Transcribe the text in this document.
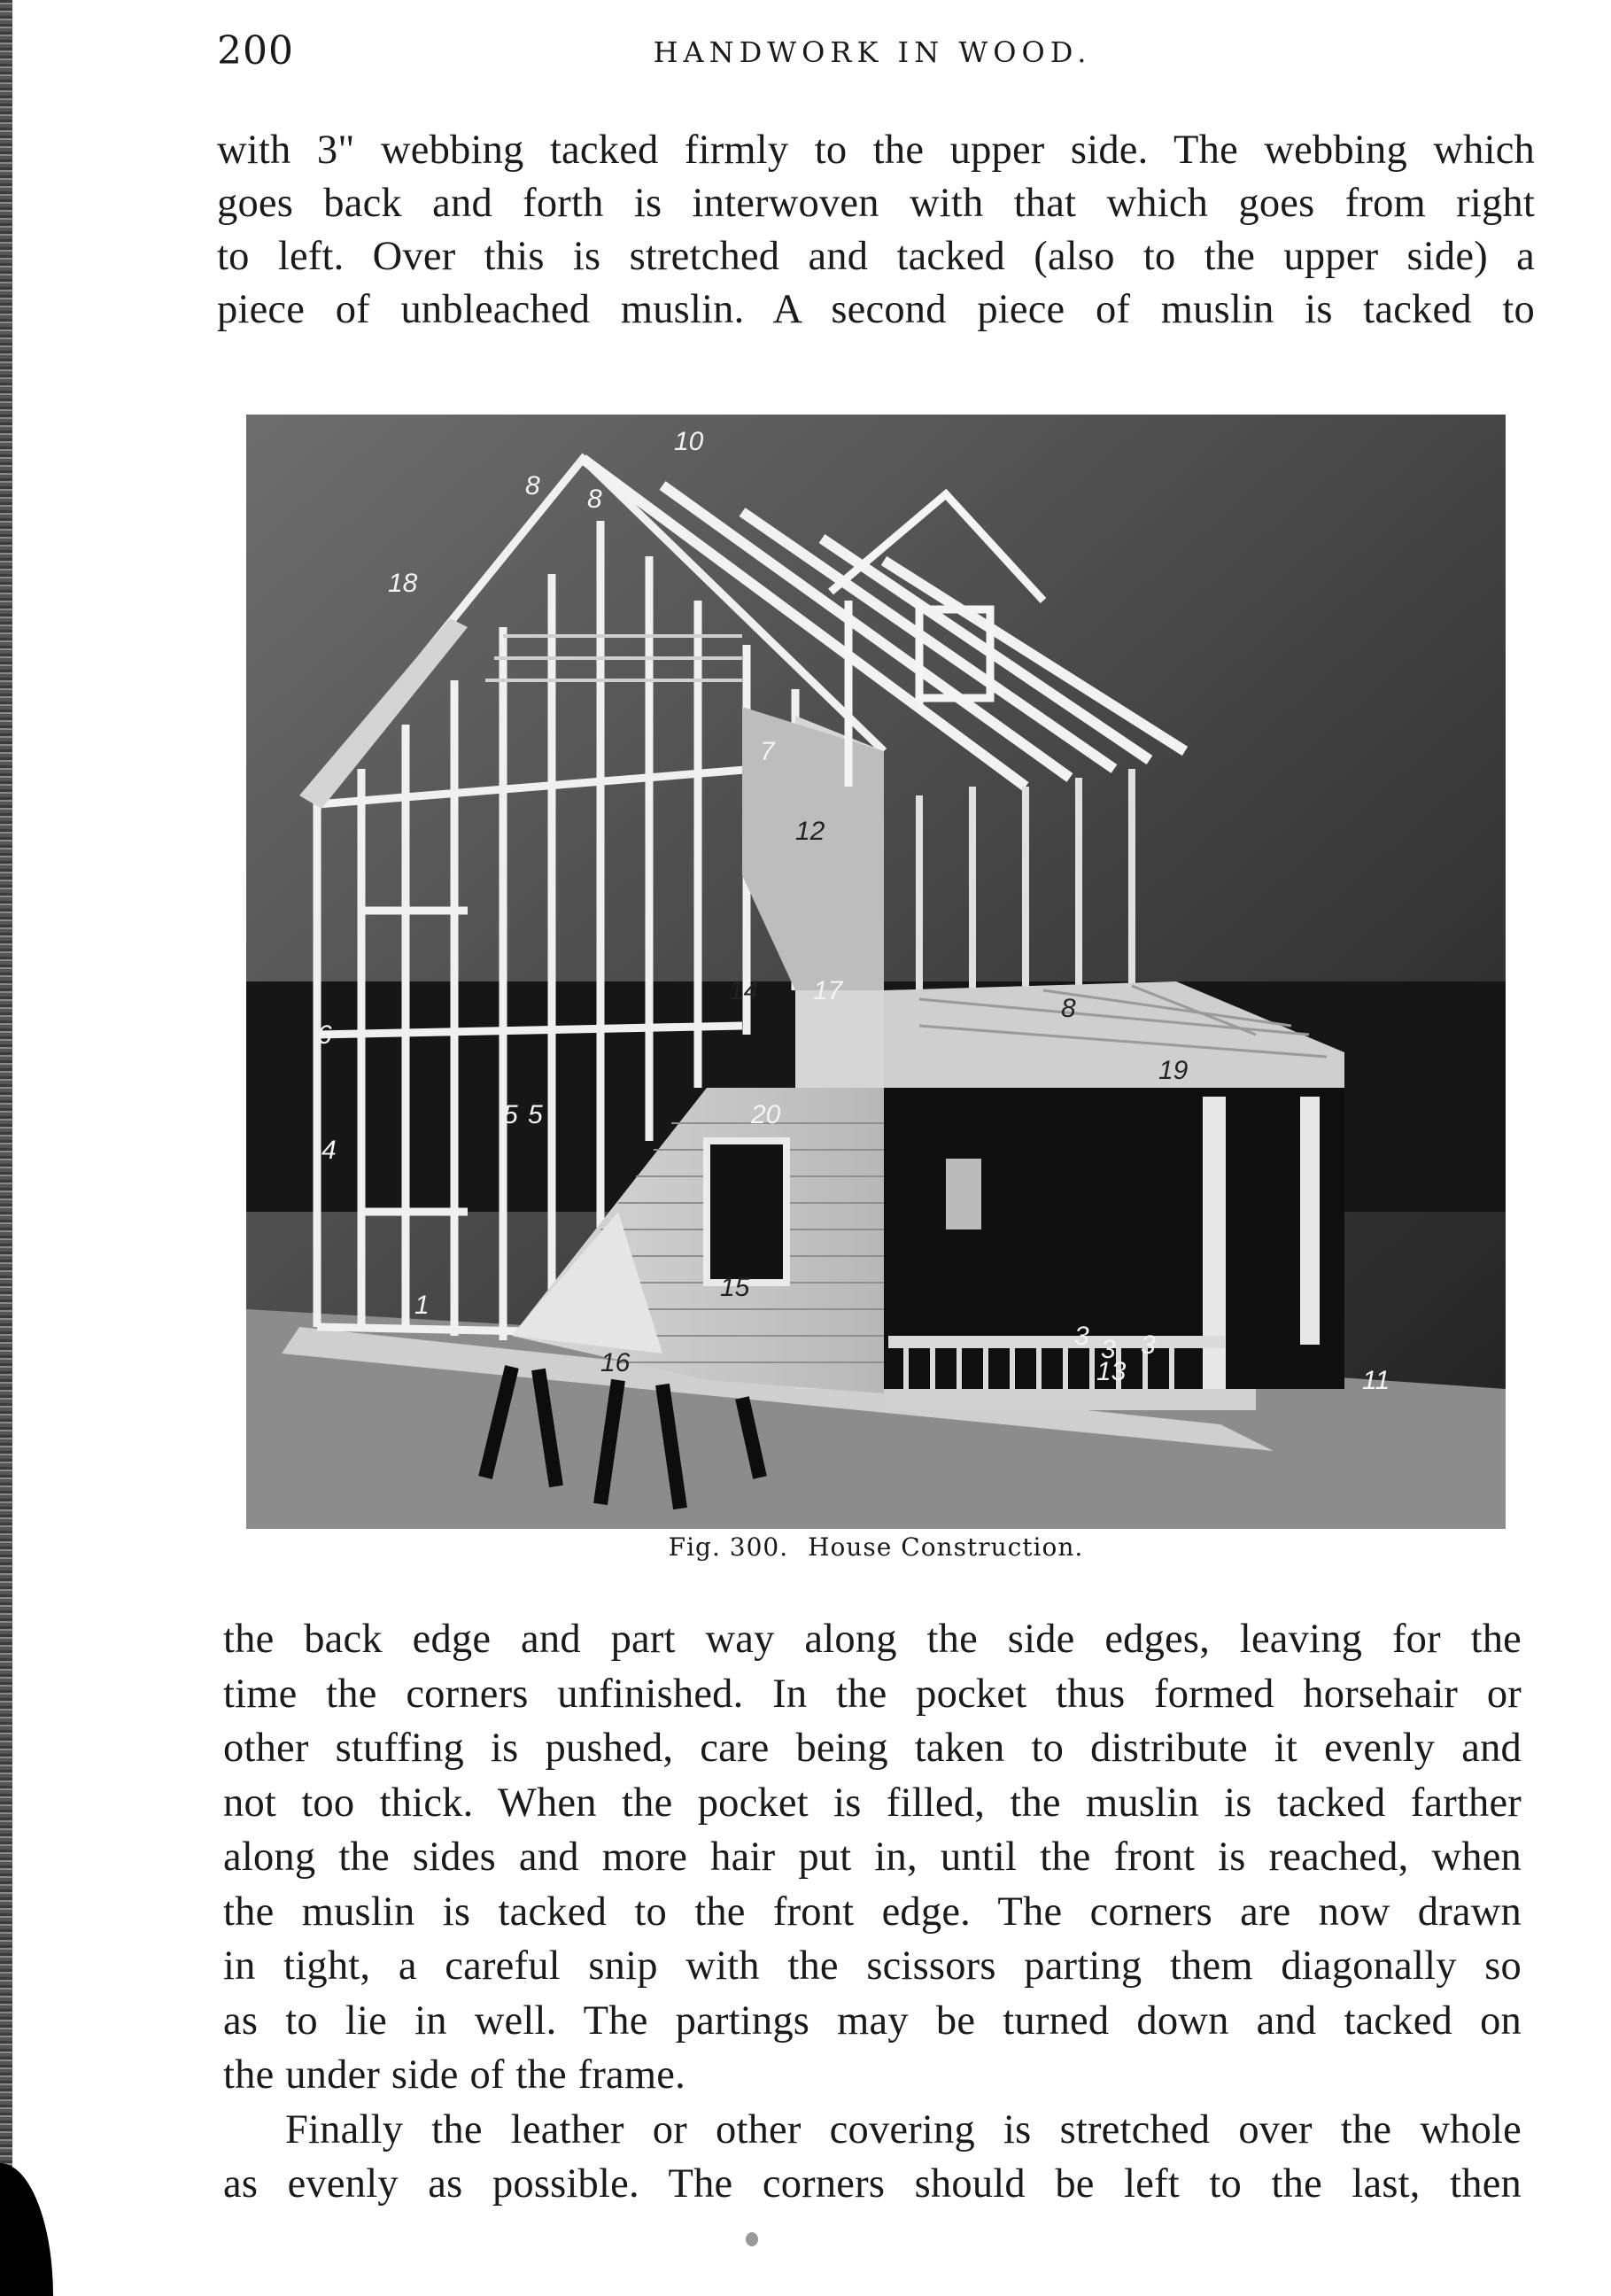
200	HANDWORK IN WOOD.
with 3" webbing tacked firmly to the upper side. The webbing which
goes back and forth is interwoven with that which goes from right
to left. Over this is stretched and tacked (also to the upper side) a
piece of unbleached muslin. A second piece of muslin is tacked to
10
8 8
18
7
12
14 17
8
19
6
5 5	20
4
15
1
16
3 3 3
13	11
Fig. 300. House Construction.
the back edge and part way along the side edges, leaving for the
time the corners unfinished. In the pocket thus formed horsehair or
other stuffing is pushed, care being taken to distribute it evenly and
not too thick. When the pocket is filled, the muslin is tacked farther
along the sides and more hair put in, until the front is reached, when
the muslin is tacked to the front edge. The corners are now drawn
in tight, a careful snip with the scissors parting them diagonally so
as to lie in well. The partings may be turned down and tacked on
the under side of the frame.
Finally the leather or other covering is stretched over the whole
as evenly as possible. The corners should be left to the last, then
